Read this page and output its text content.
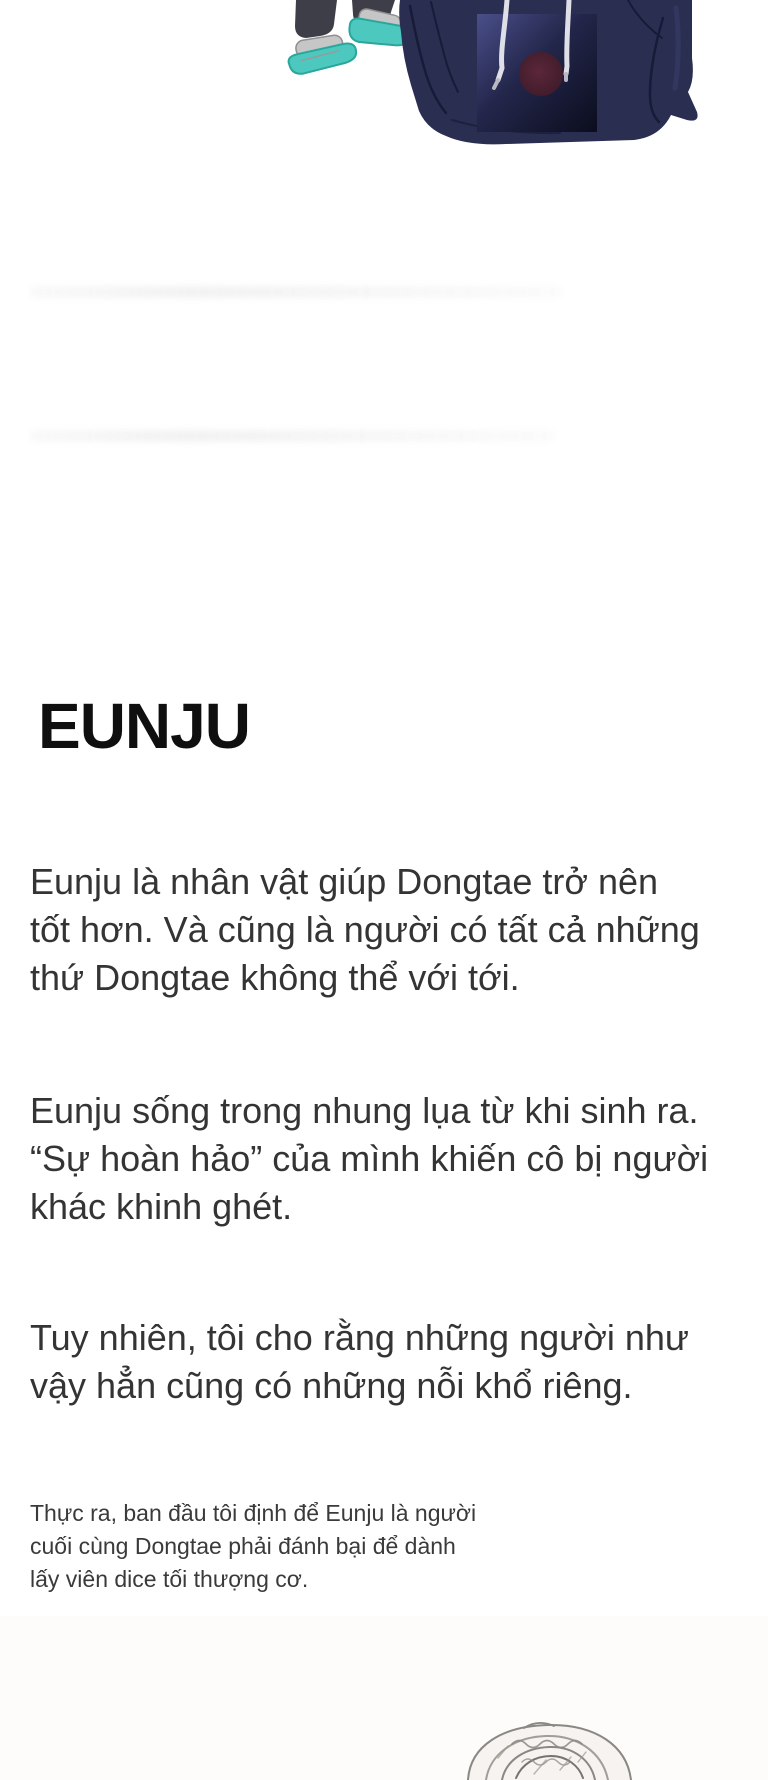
EUNJU
Eunju là nhân vật giúp Dongtae trở nên
tốt hơn. Và cũng là người có tất cả những
thứ Dongtae không thể với tới.
Eunju sống trong nhung lụa từ khi sinh ra.
“Sự hoàn hảo” của mình khiến cô bị người
khác khinh ghét.
Tuy nhiên, tôi cho rằng những người như
vậy hẳn cũng có những nỗi khổ riêng.
Thực ra, ban đầu tôi định để Eunju là người
cuối cùng Dongtae phải đánh bại để dành
lấy viên dice tối thượng cơ.
